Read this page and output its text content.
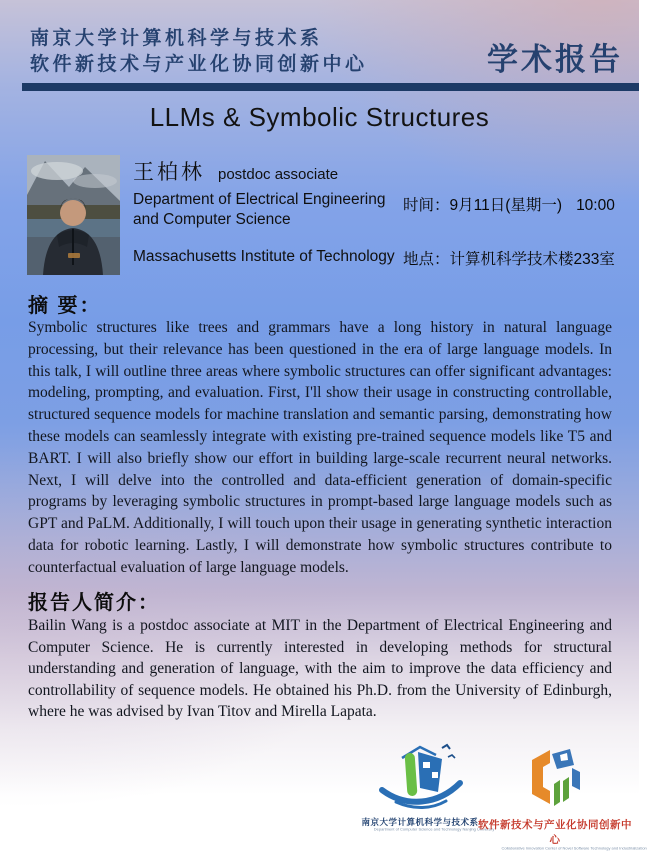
南京大学计算机科学与技术系
软件新技术与产业化协同创新中心	学术报告
LLMs & Symbolic Structures
王柏林 postdoc associate
Department of Electrical Engineering
and Computer Science
Massachusetts Institute of Technology
时间：9月11日(星期一) 10:00
地点：计算机科学技术楼233室
摘 要：

Symbolic structures like trees and grammars have a long history in natural language processing, but their relevance has been questioned in the era of large language models. In this talk, I will outline three areas where symbolic structures can offer significant advantages: modeling, prompting, and evaluation. First, I'll show their usage in constructing controllable, structured sequence models for machine translation and semantic parsing, demonstrating how these models can seamlessly integrate with existing pre-trained sequence models like T5 and BART. I will also briefly show our effort in building large-scale recurrent neural networks. Next, I will delve into the controlled and data-efficient generation of domain-specific programs by leveraging symbolic structures in prompt-based large language models such as GPT and PaLM. Additionally, I will touch upon their usage in generating synthetic interaction data for robotic learning. Lastly, I will demonstrate how symbolic structures contribute to counterfactual evaluation of large language models.

报告人简介：

Bailin Wang is a postdoc associate at MIT in the Department of Electrical Engineering and Computer Science. He is currently interested in developing methods for structural understanding and generation of language, with the aim to improve the data efficiency and controllability of sequence models. He obtained his Ph.D. from the University of Edinburgh, where he was advised by Ivan Titov and Mirella Lapata.

南京大学计算机科学与技术系
Department of Computer Science and Technology Nanjing University
软件新技术与产业化协同创新中心
Collaborative Innovation Center of Novel Software Technology and Industrialization
